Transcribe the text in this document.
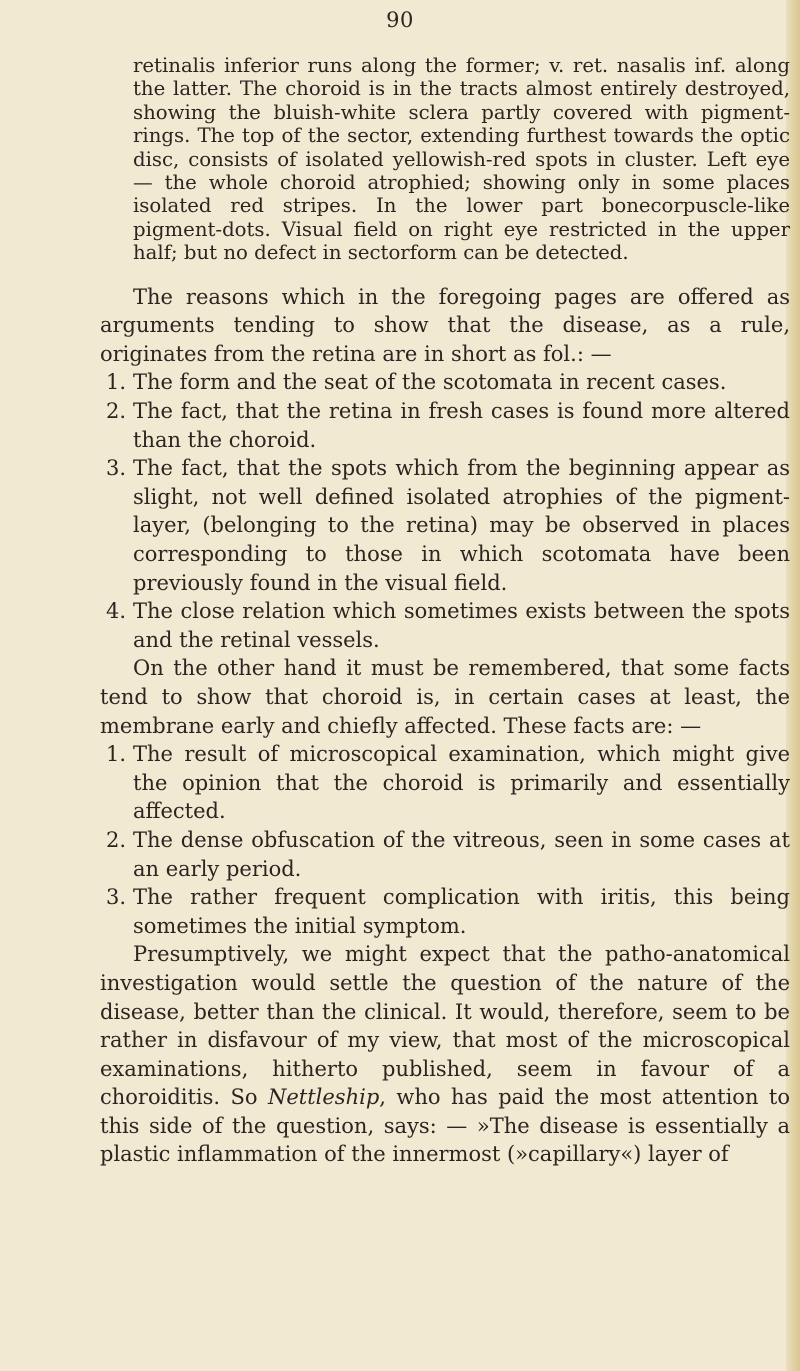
90

retinalis inferior runs along the former; v. ret. nasalis inf. along the latter. The choroid is in the tracts almost entirely destroyed, showing the bluish-white sclera partly covered with pigment-rings. The top of the sector, extending furthest towards the optic disc, consists of isolated yellowish-red spots in cluster. Left eye — the whole choroid atrophied; showing only in some places isolated red stripes. In the lower part bonecorpuscle-like pigment-dots. Visual field on right eye restricted in the upper half; but no defect in sectorform can be detected.

The reasons which in the foregoing pages are offered as arguments tending to show that the disease, as a rule, originates from the retina are in short as fol.: —

1. The form and the seat of the scotomata in recent cases.

2. The fact, that the retina in fresh cases is found more altered than the choroid.

3. The fact, that the spots which from the beginning appear as slight, not well defined isolated atrophies of the pigment-layer, (belonging to the retina) may be observed in places corresponding to those in which scotomata have been previously found in the visual field.

4. The close relation which sometimes exists between the spots and the retinal vessels.

On the other hand it must be remembered, that some facts tend to show that choroid is, in certain cases at least, the membrane early and chiefly affected. These facts are: —

1. The result of microscopical examination, which might give the opinion that the choroid is primarily and essentially affected.

2. The dense obfuscation of the vitreous, seen in some cases at an early period.

3. The rather frequent complication with iritis, this being sometimes the initial symptom.

Presumptively, we might expect that the patho-anatomical investigation would settle the question of the nature of the disease, better than the clinical. It would, therefore, seem to be rather in disfavour of my view, that most of the microscopical examinations, hitherto published, seem in favour of a choroiditis. So Nettleship, who has paid the most attention to this side of the question, says: — »The disease is essentially a plastic inflammation of the innermost (»capillary«) layer of
